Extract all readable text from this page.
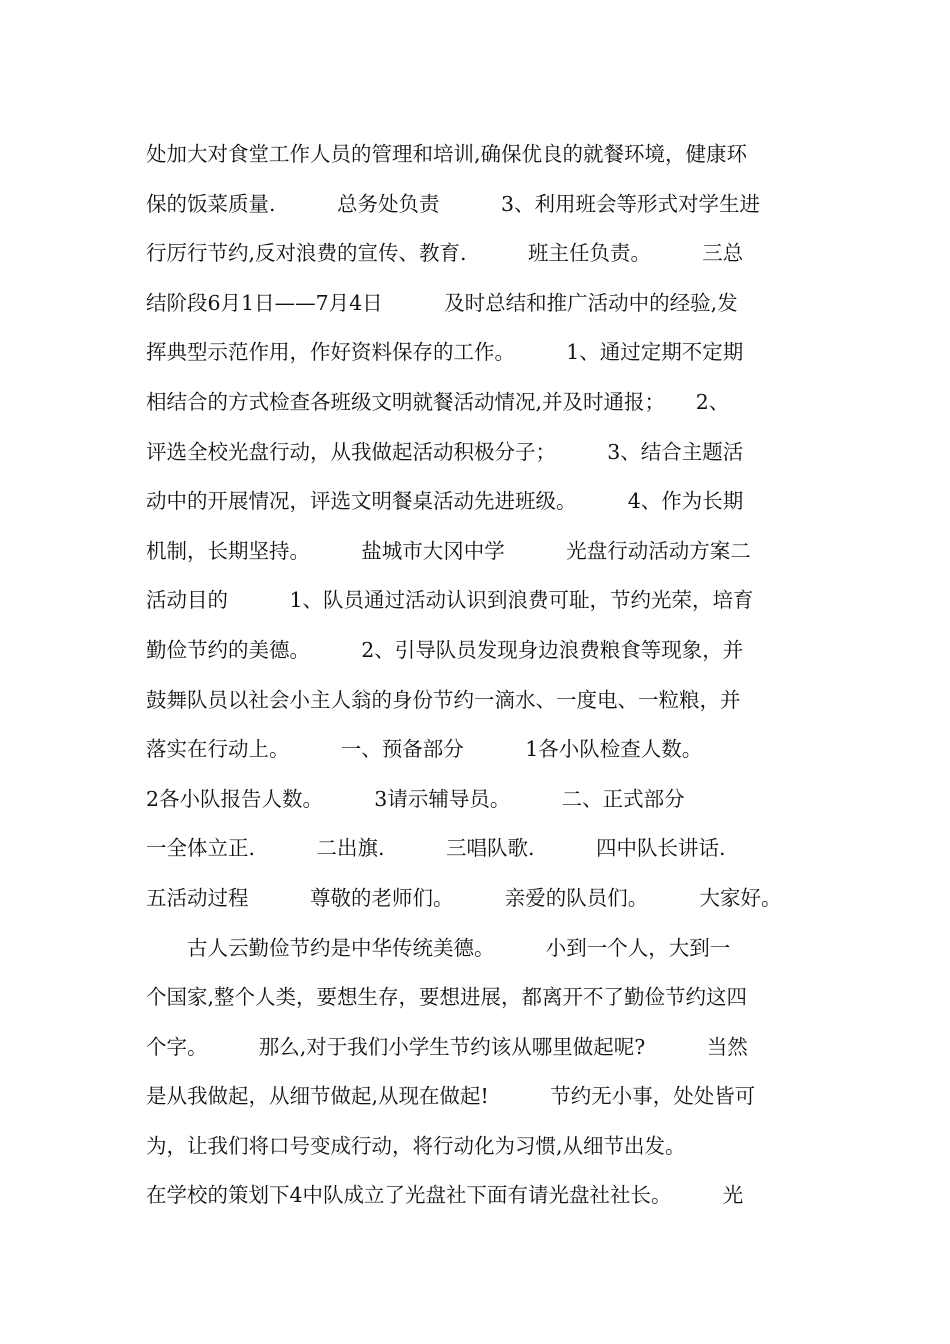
处加大对食堂工作人员的管理和培训,确保优良的就餐环境，健康环
保的饭菜质量.　　　总务处负责　　　3、利用班会等形式对学生进
行厉行节约,反对浪费的宣传、教育.　　　班主任负责。　　　三总
结阶段6月1日——7月4日　　　及时总结和推广活动中的经验,发
挥典型示范作用，作好资料保存的工作。　　　1、通过定期不定期
相结合的方式检查各班级文明就餐活动情况,并及时通报；　　2、
评选全校光盘行动，从我做起活动积极分子；　　　3、结合主题活
动中的开展情况，评选文明餐桌活动先进班级。　　　4、作为长期
机制，长期坚持。　　　盐城市大冈中学　　　光盘行动活动方案二
活动目的　　　1、队员通过活动认识到浪费可耻，节约光荣，培育
勤俭节约的美德。　　　2、引导队员发现身边浪费粮食等现象，并
鼓舞队员以社会小主人翁的身份节约一滴水、一度电、一粒粮，并
落实在行动上。　　　一、预备部分　　　1各小队检查人数。
2各小队报告人数。　　　3请示辅导员。　　　二、正式部分
一全体立正.　　　二出旗.　　　三唱队歌.　　　四中队长讲话.
五活动过程　　　尊敬的老师们。　　　亲爱的队员们。　　　大家好。
　　古人云勤俭节约是中华传统美德。　　　小到一个人，大到一
个国家,整个人类，要想生存，要想进展，都离开不了勤俭节约这四
个字。　　　那么,对于我们小学生节约该从哪里做起呢?　　　当然
是从我做起，从细节做起,从现在做起!　　　节约无小事，处处皆可
为，让我们将口号变成行动，将行动化为习惯,从细节出发。
在学校的策划下4中队成立了光盘社下面有请光盘社社长。　　　光
